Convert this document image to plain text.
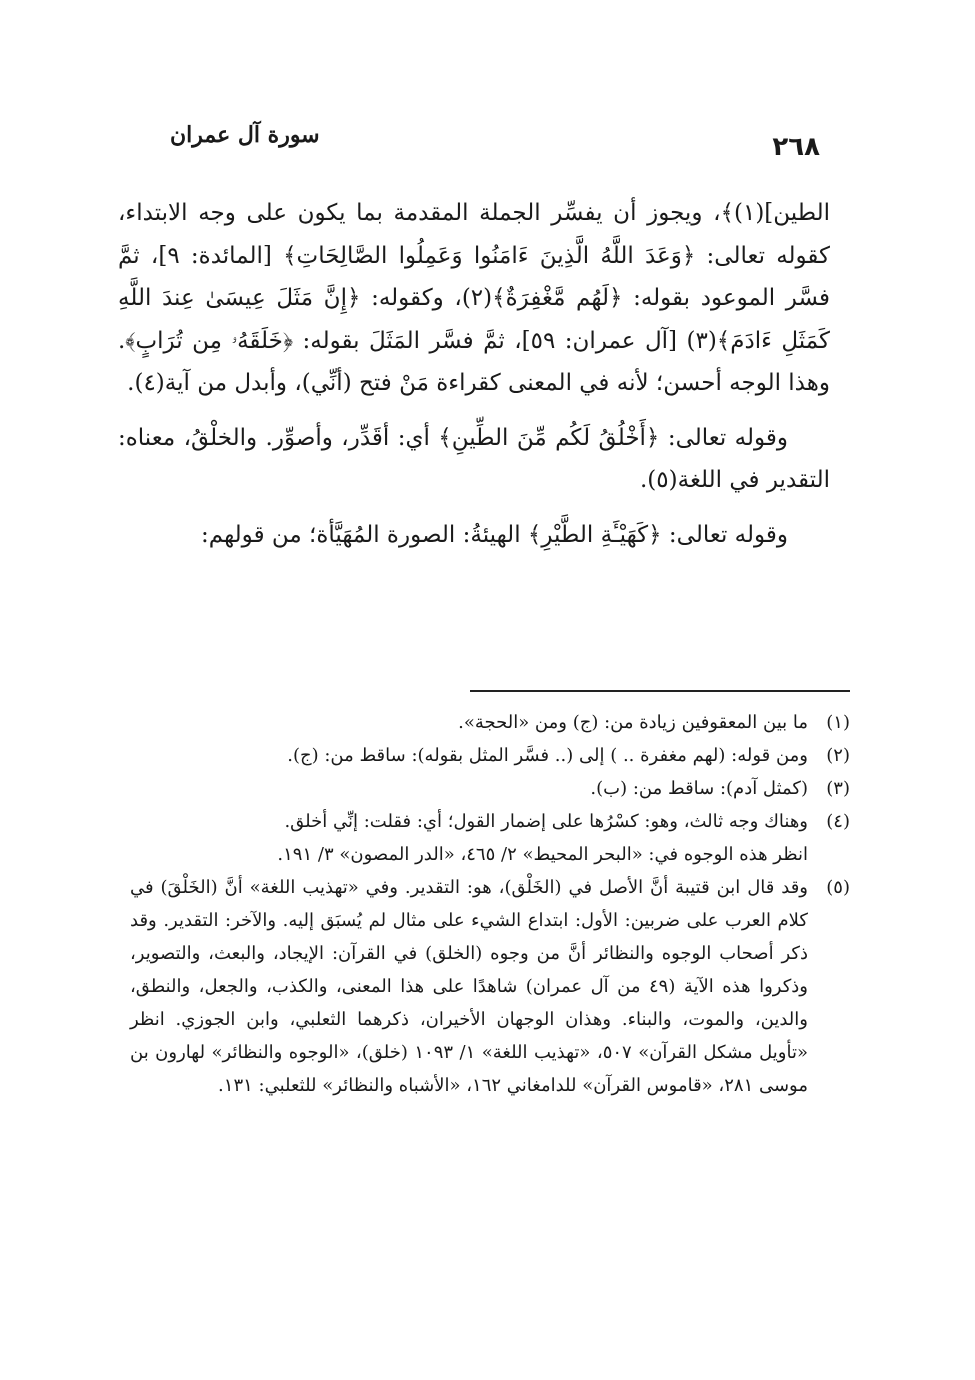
٢٦٨
سورة آل عمران

الطين](١)﴾، ويجوز أن يفسِّر الجملة المقدمة بما يكون على وجه الابتداء، كقوله تعالى: ﴿وَعَدَ اللَّهُ الَّذِينَ ءَامَنُوا وَعَمِلُوا الصَّالِحَاتِ﴾ [المائدة: ٩]، ثمَّ فسَّر الموعود بقوله: ﴿لَهُم مَّغْفِرَةٌ﴾(٢)، وكقوله: ﴿إِنَّ مَثَلَ عِيسَىٰ عِندَ اللَّهِ كَمَثَلِ ءَادَمَ﴾(٣) [آل عمران: ٥٩]، ثمَّ فسَّر المَثَلَ بقوله: ﴿خَلَقَهُۥ مِن تُرَابٍ﴾. وهذا الوجه أحسن؛ لأنه في المعنى كقراءة مَنْ فتح (أنِّي)، وأبدل من آية(٤).

وقوله تعالى: ﴿أَخْلُقُ لَكُم مِّنَ الطِّينِ﴾ أي: أقَدِّر، وأصوِّر. والخلْقُ، معناه: التقدير في اللغة(٥).

وقوله تعالى: ﴿كَهَيْـَٔةِ الطَّيْرِ﴾ الهيئةُ: الصورة المُهَيَّأة؛ من قولهم:

(١)
ما بين المعقوفين زيادة من: (ج) ومن «الحجة».
(٢)
ومن قوله: (لهم مغفرة .. ) إلى (.. فسَّر المثل بقوله): ساقط من: (ج).
(٣)
(كمثل آدم): ساقط من: (ب).
(٤)
وهناك وجه ثالث، وهو: كسْرُها على إضمار القول؛ أي: فقلت: إنِّي أخلق.
انظر هذه الوجوه في: «البحر المحيط» ٢/ ٤٦٥، «الدر المصون» ٣/ ١٩١.
(٥)
وقد قال ابن قتيبة أنَّ الأصل في (الخَلْق)، هو: التقدير. وفي «تهذيب اللغة» أنَّ (الخَلْقَ) في كلام العرب على ضربين: الأول: ابتداع الشيء على مثال لم يُسبَق إليه. والآخر: التقدير. وقد ذكر أصحاب الوجوه والنظائر أنَّ من وجوه (الخلق) في القرآن: الإيجاد، والبعث، والتصوير، وذكروا هذه الآية (٤٩ من آل عمران) شاهدًا على هذا المعنى، والكذب، والجعل، والنطق، والدين، والموت، والبناء. وهذان الوجهان الأخيران، ذكرهما الثعلبي، وابن الجوزي. انظر «تأويل مشكل القرآن» ٥٠٧، «تهذيب اللغة» ١/ ١٠٩٣ (خلق)، «الوجوه والنظائر» لهارون بن موسى ٢٨١، «قاموس القرآن» للدامغاني ١٦٢، «الأشباه والنظائر» للثعلبي: ١٣١.
